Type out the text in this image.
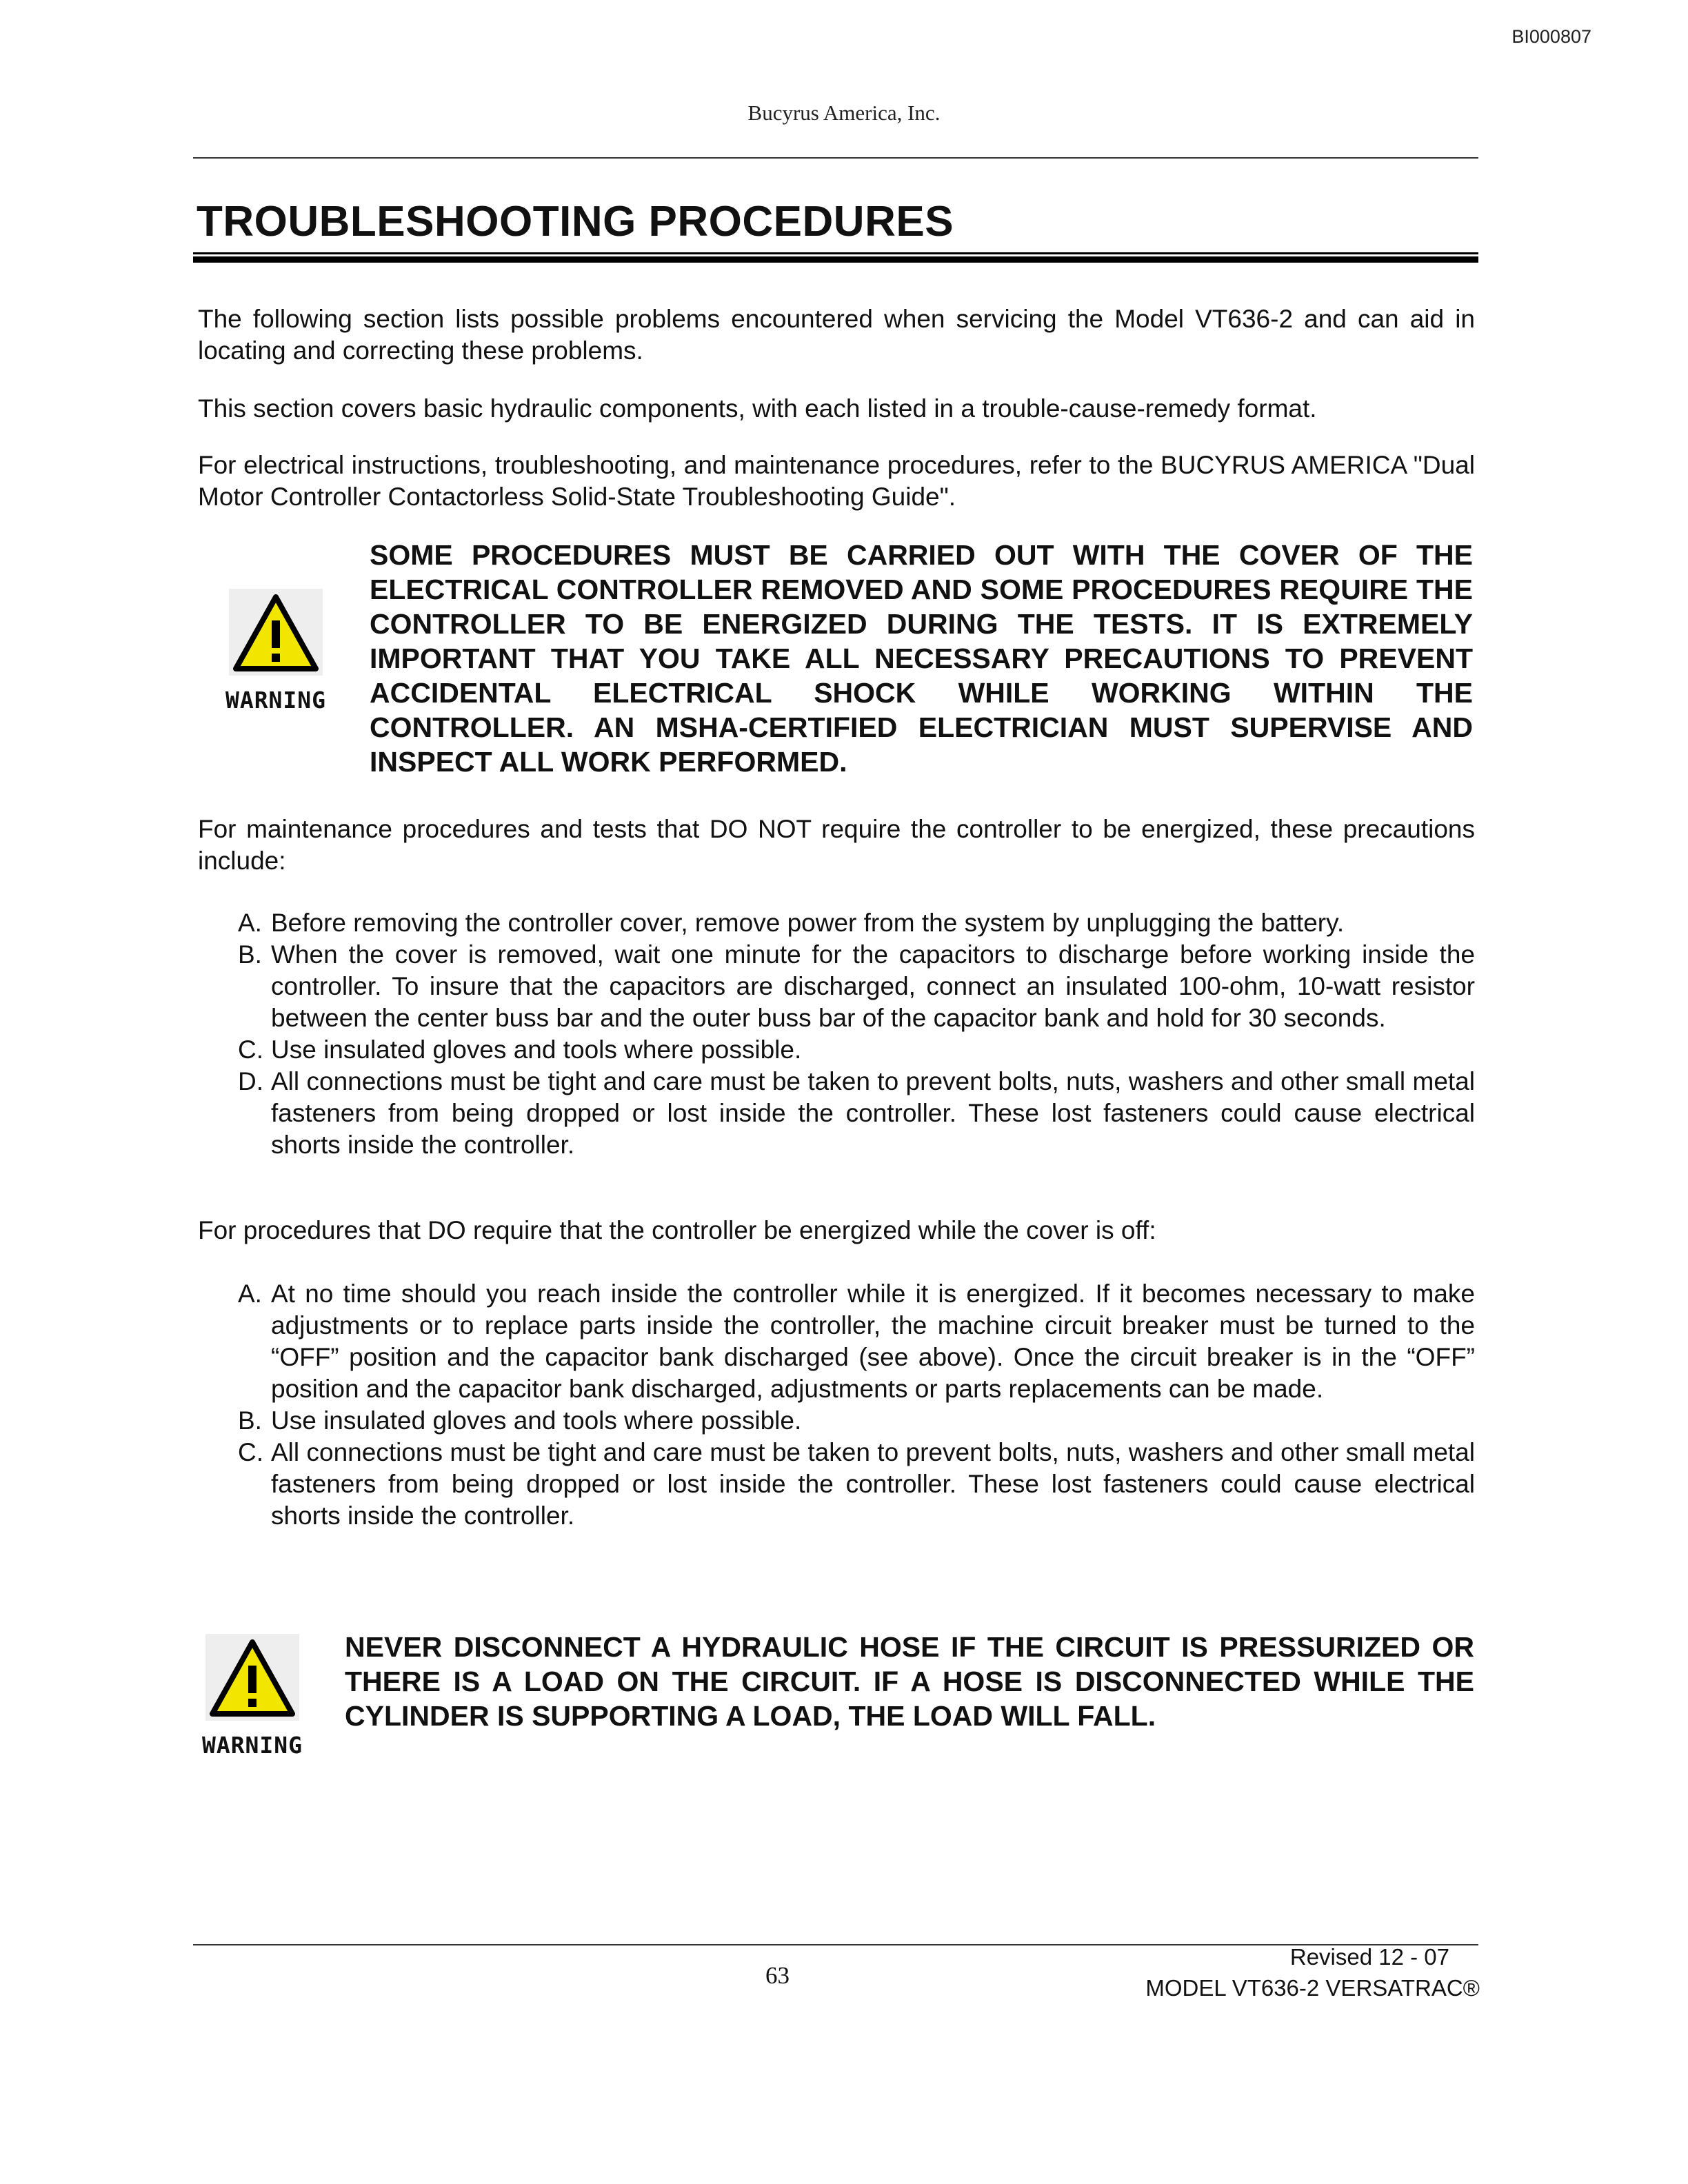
BI000807
Bucyrus America, Inc.
TROUBLESHOOTING PROCEDURES

The following section lists possible problems encountered when servicing the Model VT636-2 and can aid in locating and correcting these problems.

This section covers basic hydraulic components, with each listed in a trouble-cause-remedy format.

For electrical instructions, troubleshooting, and maintenance procedures, refer to the BUCYRUS AMERICA "Dual Motor Controller Contactorless Solid-State Troubleshooting Guide".

WARNING
SOME PROCEDURES MUST BE CARRIED OUT WITH THE COVER OF THE ELECTRICAL CONTROLLER REMOVED AND SOME PROCEDURES REQUIRE THE CONTROLLER TO BE ENERGIZED DURING THE TESTS. IT IS EXTREMELY IMPORTANT THAT YOU TAKE ALL NECESSARY PRECAUTIONS TO PREVENT ACCIDENTAL ELECTRICAL SHOCK WHILE WORKING WITHIN THE CONTROLLER. AN MSHA-CERTIFIED ELECTRICIAN MUST SUPERVISE AND INSPECT ALL WORK PERFORMED.

For maintenance procedures and tests that DO NOT require the controller to be energized, these precautions include:

A. Before removing the controller cover, remove power from the system by unplugging the battery.
B. When the cover is removed, wait one minute for the capacitors to discharge before working inside the controller. To insure that the capacitors are discharged, connect an insulated 100-ohm, 10-watt resistor between the center buss bar and the outer buss bar of the capacitor bank and hold for 30 seconds.
C. Use insulated gloves and tools where possible.
D. All connections must be tight and care must be taken to prevent bolts, nuts, washers and other small metal fasteners from being dropped or lost inside the controller. These lost fasteners could cause electrical shorts inside the controller.

For procedures that DO require that the controller be energized while the cover is off:

A. At no time should you reach inside the controller while it is energized. If it becomes necessary to make adjustments or to replace parts inside the controller, the machine circuit breaker must be turned to the “OFF” position and the capacitor bank discharged (see above). Once the circuit breaker is in the “OFF” position and the capacitor bank discharged, adjustments or parts replacements can be made.
B. Use insulated gloves and tools where possible.
C. All connections must be tight and care must be taken to prevent bolts, nuts, washers and other small metal fasteners from being dropped or lost inside the controller. These lost fasteners could cause electrical shorts inside the controller.
WARNING
NEVER DISCONNECT A HYDRAULIC HOSE IF THE CIRCUIT IS PRESSURIZED OR THERE IS A LOAD ON THE CIRCUIT. IF A HOSE IS DISCONNECTED WHILE THE CYLINDER IS SUPPORTING A LOAD, THE LOAD WILL FALL.
63
Revised 12 - 07
MODEL VT636-2 VERSATRAC®
